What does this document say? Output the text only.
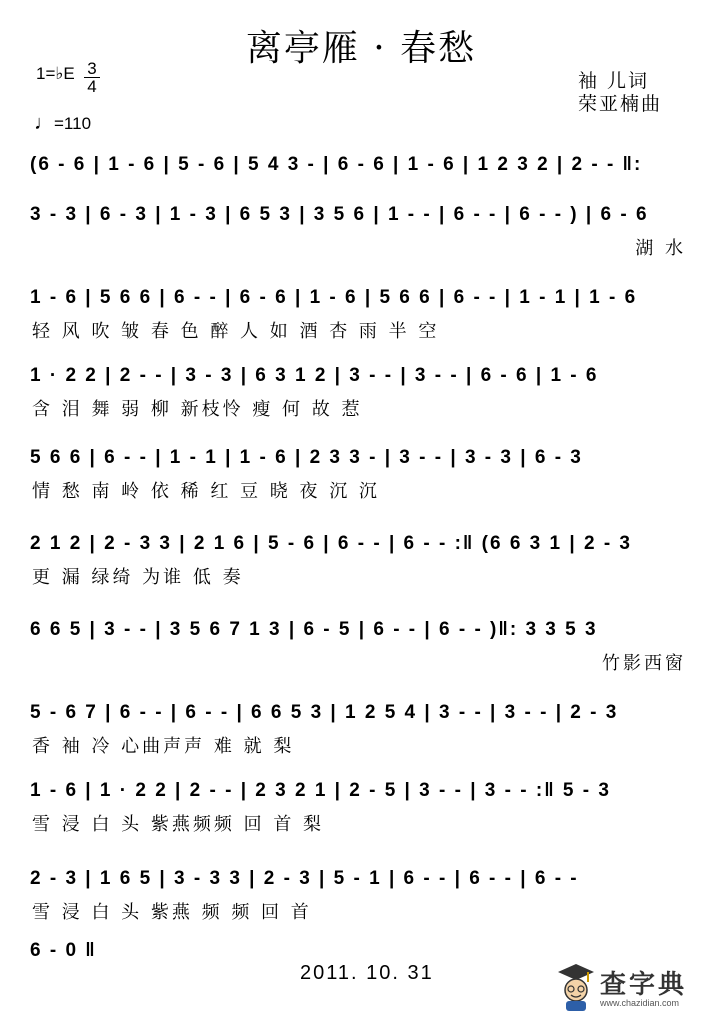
离亭雁 · 春愁
袖 儿词
荣亚楠曲
1=♭E $\frac{3}{4}$
♩=110
(6 - 6 | 1 - 6 | 5 - 6 | 5 4 3 - | 6 - 6 | 1 - 6 | 1 2 3 2 | 2 - - ‖:
3 - 3 | 6 - 3 | 1 - 3 | 6 5 3 | 3 5 6 | 1 - - | 6 - - | 6 - - ) | 6 - 6
湖 水
1 - 6 | 5 6 6 | 6 - - | 6 - 6 | 1 - 6 | 5 6 6 | 6 - - | 1 - 1 | 1 - 6
轻 风 吹 皱 春 色 醉 人 如 酒 杏 雨 半 空
1 · 2 2 | 2 - - | 3 - 3 | 6 3 1 2 | 3 - - | 3 - - | 6 - 6 | 1 - 6
含 泪 舞 弱 柳 新枝怜 瘦 何 故 惹
5 6 6 | 6 - - | 1 - 1 | 1 - 6 | 2 3 3 - | 3 - - | 3 - 3 | 6 - 3
情 愁 南 岭 依 稀 红 豆 晓 夜 沉 沉
2 1 2 | 2 - 3 3 | 2 1 6 | 5 - 6 | 6 - - | 6 - - :‖ (6 6 3 1 | 2 - 3
更 漏 绿绮 为谁 低 奏
6 6 5 | 3 - - | 3 5 6 7 1 3 | 6 - 5 | 6 - - | 6 - - )‖: 3 3 5 3
竹影西窗
5 - 6 7 | 6 - - | 6 - - | 6 6 5 3 | 1 2 5 4 | 3 - - | 3 - - | 2 - 3
香 袖 冷 心曲声声 难 就 梨
1 - 6 | 1 · 2 2 | 2 - - | 2 3 2 1 | 2 - 5 | 3 - - | 3 - - :‖ 5 - 3
雪 浸 白 头 紫燕频频 回 首 梨
2 - 3 | 1 6 5 | 3 - 3 3 | 2 - 3 | 5 - 1 | 6 - - | 6 - - | 6 - -
雪 浸 白 头 紫燕 频 频 回 首
6 - 0 ‖
2011. 10. 31	查字典
www.chazidian.com
